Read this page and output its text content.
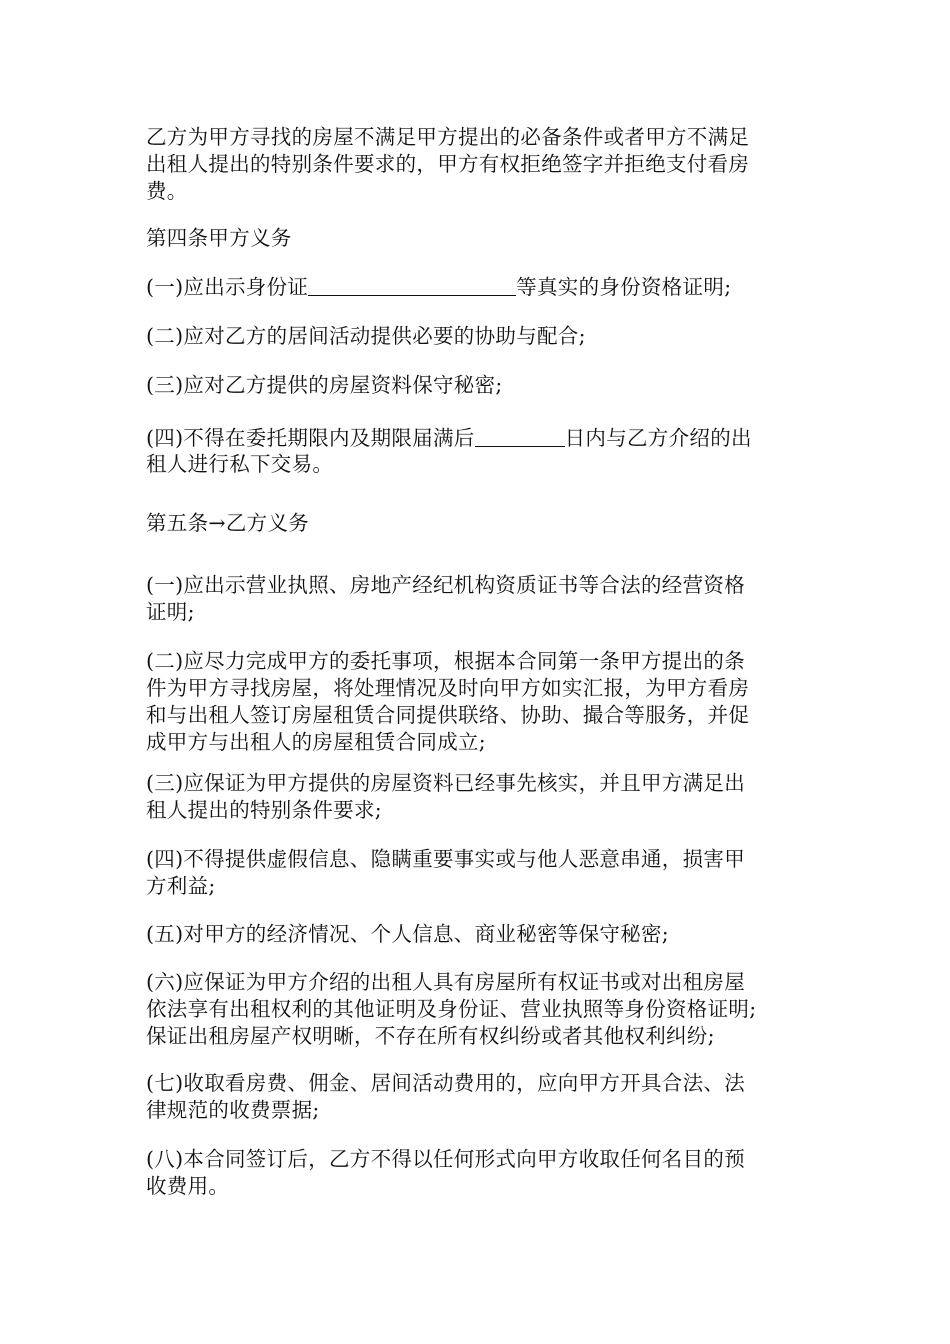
乙方为甲方寻找的房屋不满足甲方提出的必备条件或者甲方不满足
出租人提出的特别条件要求的，甲方有权拒绝签字并拒绝支付看房
费。
第四条甲方义务
(一)应出示身份证	等真实的身份资格证明;
(二)应对乙方的居间活动提供必要的协助与配合;
(三)应对乙方提供的房屋资料保守秘密;
(四)不得在委托期限内及期限届满后	日内与乙方介绍的出
租人进行私下交易。
第五条→乙方义务
(一)应出示营业执照、房地产经纪机构资质证书等合法的经营资格
证明;
(二)应尽力完成甲方的委托事项，根据本合同第一条甲方提出的条
件为甲方寻找房屋，将处理情况及时向甲方如实汇报，为甲方看房
和与出租人签订房屋租赁合同提供联络、协助、撮合等服务，并促
成甲方与出租人的房屋租赁合同成立;
(三)应保证为甲方提供的房屋资料已经事先核实，并且甲方满足出
租人提出的特别条件要求;
(四)不得提供虚假信息、隐瞒重要事实或与他人恶意串通，损害甲
方利益;
(五)对甲方的经济情况、个人信息、商业秘密等保守秘密;
(六)应保证为甲方介绍的出租人具有房屋所有权证书或对出租房屋
依法享有出租权利的其他证明及身份证、营业执照等身份资格证明;
保证出租房屋产权明晰，不存在所有权纠纷或者其他权利纠纷;
(七)收取看房费、佣金、居间活动费用的，应向甲方开具合法、法
律规范的收费票据;
(八)本合同签订后，乙方不得以任何形式向甲方收取任何名目的预
收费用。
